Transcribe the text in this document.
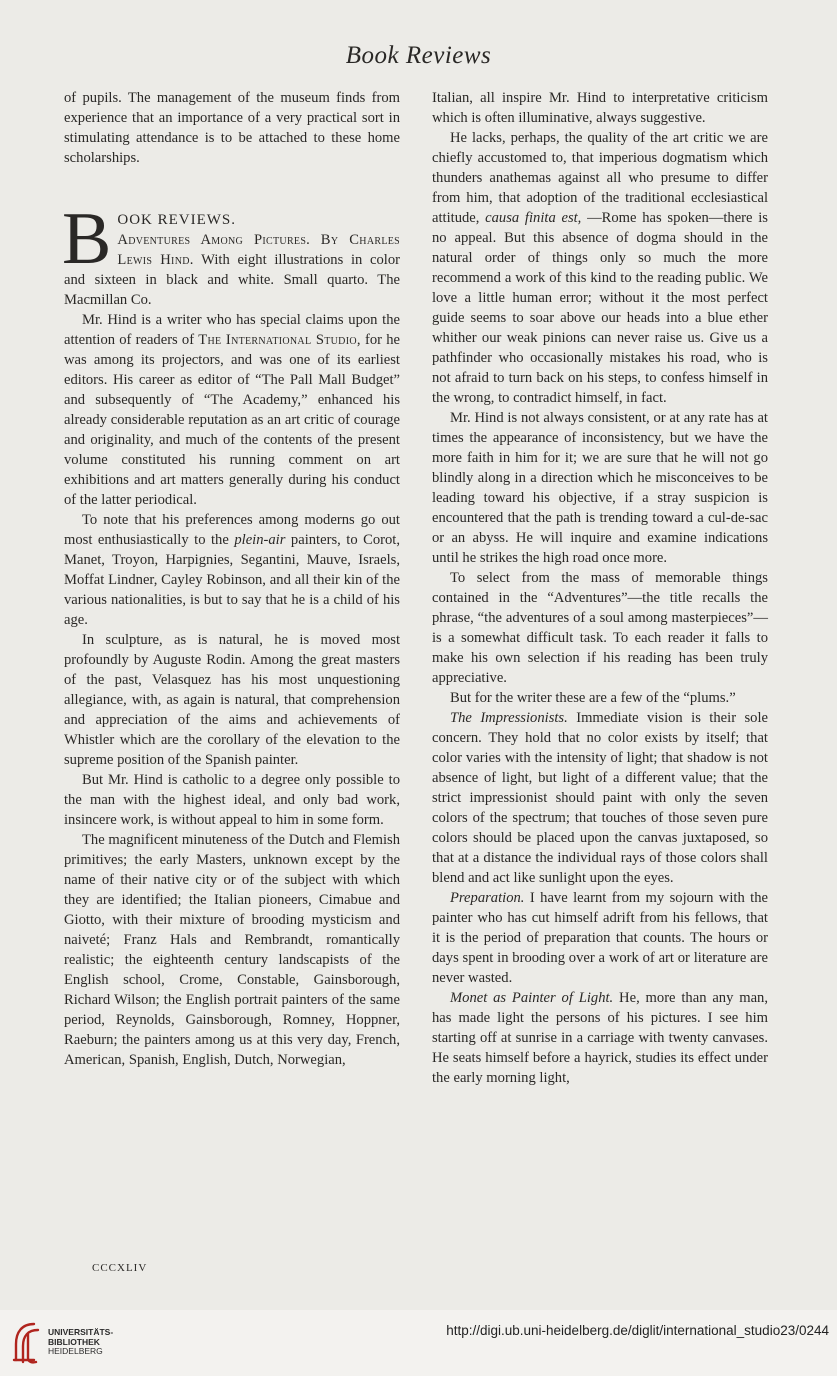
Book Reviews

of pupils. The management of the museum finds from experience that an importance of a very practical sort in stimulating attendance is to be attached to these home scholarships.

B OOK REVIEWS.

Adventures Among Pictures. By Charles Lewis Hind. With eight illustrations in color and sixteen in black and white. Small quarto. The Macmillan Co.

Mr. Hind is a writer who has special claims upon the attention of readers of The International Studio, for he was among its projectors, and was one of its earliest editors. His career as editor of “The Pall Mall Budget” and subsequently of “The Academy,” enhanced his already considerable reputation as an art critic of courage and originality, and much of the contents of the present volume constituted his running comment on art exhibitions and art matters generally during his conduct of the latter periodical.

To note that his preferences among moderns go out most enthusiastically to the plein-air painters, to Corot, Manet, Troyon, Harpignies, Segantini, Mauve, Israels, Moffat Lindner, Cayley Robinson, and all their kin of the various nationalities, is but to say that he is a child of his age.

In sculpture, as is natural, he is moved most profoundly by Auguste Rodin. Among the great masters of the past, Velasquez has his most unquestioning allegiance, with, as again is natural, that comprehension and appreciation of the aims and achievements of Whistler which are the corollary of the elevation to the supreme position of the Spanish painter.

But Mr. Hind is catholic to a degree only possible to the man with the highest ideal, and only bad work, insincere work, is without appeal to him in some form.

The magnificent minuteness of the Dutch and Flemish primitives; the early Masters, unknown except by the name of their native city or of the subject with which they are identified; the Italian pioneers, Cimabue and Giotto, with their mixture of brooding mysticism and naiveté; Franz Hals and Rembrandt, romantically realistic; the eighteenth century landscapists of the English school, Crome, Constable, Gainsborough, Richard Wilson; the English portrait painters of the same period, Reynolds, Gainsborough, Romney, Hoppner, Raeburn; the painters among us at this very day, French, American, Spanish, English, Dutch, Norwegian,

Italian, all inspire Mr. Hind to interpretative criticism which is often illuminative, always suggestive.

He lacks, perhaps, the quality of the art critic we are chiefly accustomed to, that imperious dogmatism which thunders anathemas against all who presume to differ from him, that adoption of the traditional ecclesiastical attitude, causa finita est, —Rome has spoken—there is no appeal. But this absence of dogma should in the natural order of things only so much the more recommend a work of this kind to the reading public. We love a little human error; without it the most perfect guide seems to soar above our heads into a blue ether whither our weak pinions can never raise us. Give us a pathfinder who occasionally mistakes his road, who is not afraid to turn back on his steps, to confess himself in the wrong, to contradict himself, in fact.

Mr. Hind is not always consistent, or at any rate has at times the appearance of inconsistency, but we have the more faith in him for it; we are sure that he will not go blindly along in a direction which he misconceives to be leading toward his objective, if a stray suspicion is encountered that the path is trending toward a cul-de-sac or an abyss. He will inquire and examine indications until he strikes the high road once more.

To select from the mass of memorable things contained in the “Adventures”—the title recalls the phrase, “the adventures of a soul among masterpieces”—is a somewhat difficult task. To each reader it falls to make his own selection if his reading has been truly appreciative.

But for the writer these are a few of the “plums.”

The Impressionists. Immediate vision is their sole concern. They hold that no color exists by itself; that color varies with the intensity of light; that shadow is not absence of light, but light of a different value; that the strict impressionist should paint with only the seven colors of the spectrum; that touches of those seven pure colors should be placed upon the canvas juxtaposed, so that at a distance the individual rays of those colors shall blend and act like sunlight upon the eyes.

Preparation. I have learnt from my sojourn with the painter who has cut himself adrift from his fellows, that it is the period of preparation that counts. The hours or days spent in brooding over a work of art or literature are never wasted.

Monet as Painter of Light. He, more than any man, has made light the persons of his pictures. I see him starting off at sunrise in a carriage with twenty canvases. He seats himself before a hayrick, studies its effect under the early morning light,

CCCXLIV
UNIVERSITÄTS-
BIBLIOTHEK
HEIDELBERG
http://digi.ub.uni-heidelberg.de/diglit/international_studio23/0244
